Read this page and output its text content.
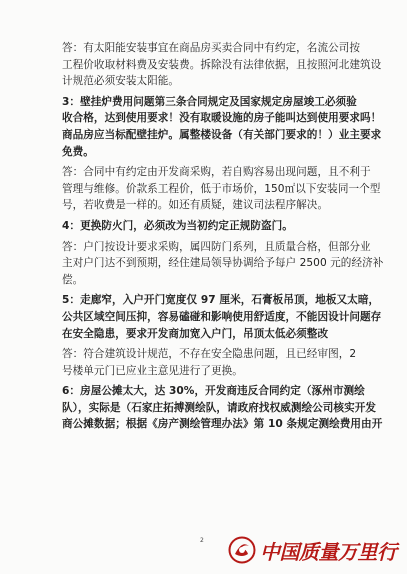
答：有太阳能安装事宜在商品房买卖合同中有约定，名流公司按
工程价收取材料费及安装费。拆除没有法律依据，且按照河北建筑设
计规范必须安装太阳能。
3：壁挂炉费用问题第三条合同规定及国家规定房屋竣工必须验
收合格，达到使用要求！没有取暖设施的房子能叫达到使用要求吗！
商品房应当标配壁挂炉。属整楼设备（有关部门要求的！）业主要求
免费。
答：合同中有约定由开发商采购，若自购容易出现问题，且不利于
管理与维修。价款系工程价，低于市场价，150㎡以下安装同一个型
号，若收费是一样的。如还有质疑，建议司法程序解决。
4：更换防火门，必须改为当初约定正规防盗门。
答：户门按设计要求采购，属四防门系列，且质量合格，但部分业
主对户门达不到预期，经住建局领导协调给予每户 2500 元的经济补
偿。
5：走廊窄，入户开门宽度仅 97 厘米，石膏板吊顶，地板又太暗，
公共区域空间压抑，容易磕碰和影响使用舒适度，不能因设计问题存
在安全隐患，要求开发商加宽入户门，吊顶太低必须整改
答：符合建筑设计规范，不存在安全隐患问题，且已经审图，2
号楼单元门已应业主意见进行了更换。
6：房屋公摊太大，达 30%，开发商违反合同约定（涿州市测绘
队），实际是（石家庄拓搏测绘队，请政府找权威测绘公司核实开发
商公摊数据；根据《房产测绘管理办法》第 10 条规定测绘费用由开
2	中国质量万里行
